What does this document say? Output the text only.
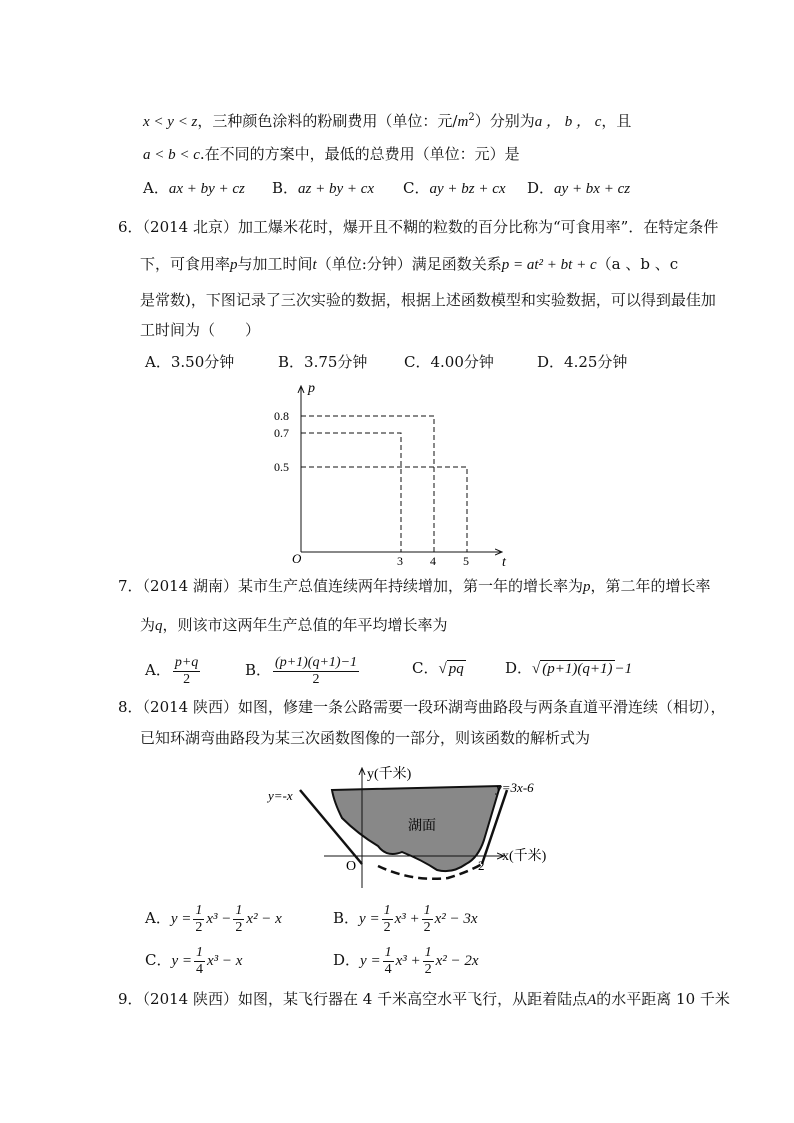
x < y < z，三种颜色涂料的粉刷费用（单位：元$/m^2$）分别为a ， b ， c，且
a < b < c.在不同的方案中，最低的总费用（单位：元）是
A．ax + by + cz B．az + by + cx C．ay + bz + cx D．ay + bx + cz
6．（2014 北京）加工爆米花时，爆开且不糊的粒数的百分比称为“可食用率”．在特定条件
下，可食用率p与加工时间t（单位:分钟）满足函数关系p = at² + bt + c（a 、b 、c
是常数)，下图记录了三次实验的数据，根据上述函数模型和实验数据，可以得到最佳加
工时间为（　　）
A．3.50分钟	B．3.75分钟 C．4.00分钟	D．4.25分钟
p
t
O
0.8
0.7
0.5
3 4 5
7．（2014 湖南）某市生产总值连续两年持续增加，第一年的增长率为p，第二年的增长率
为q，则该市这两年生产总值的年平均增长率为
A． $\frac{p+q}{2}$	B． $\frac{(p+1)(q+1)-1}{2}$	C．√ pq	D．√ (p+1)(q+1) −1
8．（2014 陕西）如图，修建一条公路需要一段环湖弯曲路段与两条直道平滑连续（相切），
已知环湖弯曲路段为某三次函数图像的一部分，则该函数的解析式为
y(千米)
x(千米)
y=-x
y=3x-6
湖面
O	2
A．$y = \frac{1}{2} x^3 - \frac{1}{2} x^2 - x$	B．$y = \frac{1}{2} x^3 + \frac{1}{2} x^2 - 3x$
C．$y = \frac{1}{4} x^3 - x$	D．$y = \frac{1}{4} x^3 + \frac{1}{2} x^2 - 2x$
9．（2014 陕西）如图，某飞行器在 4 千米高空水平飞行，从距着陆点A的水平距离 10 千米
